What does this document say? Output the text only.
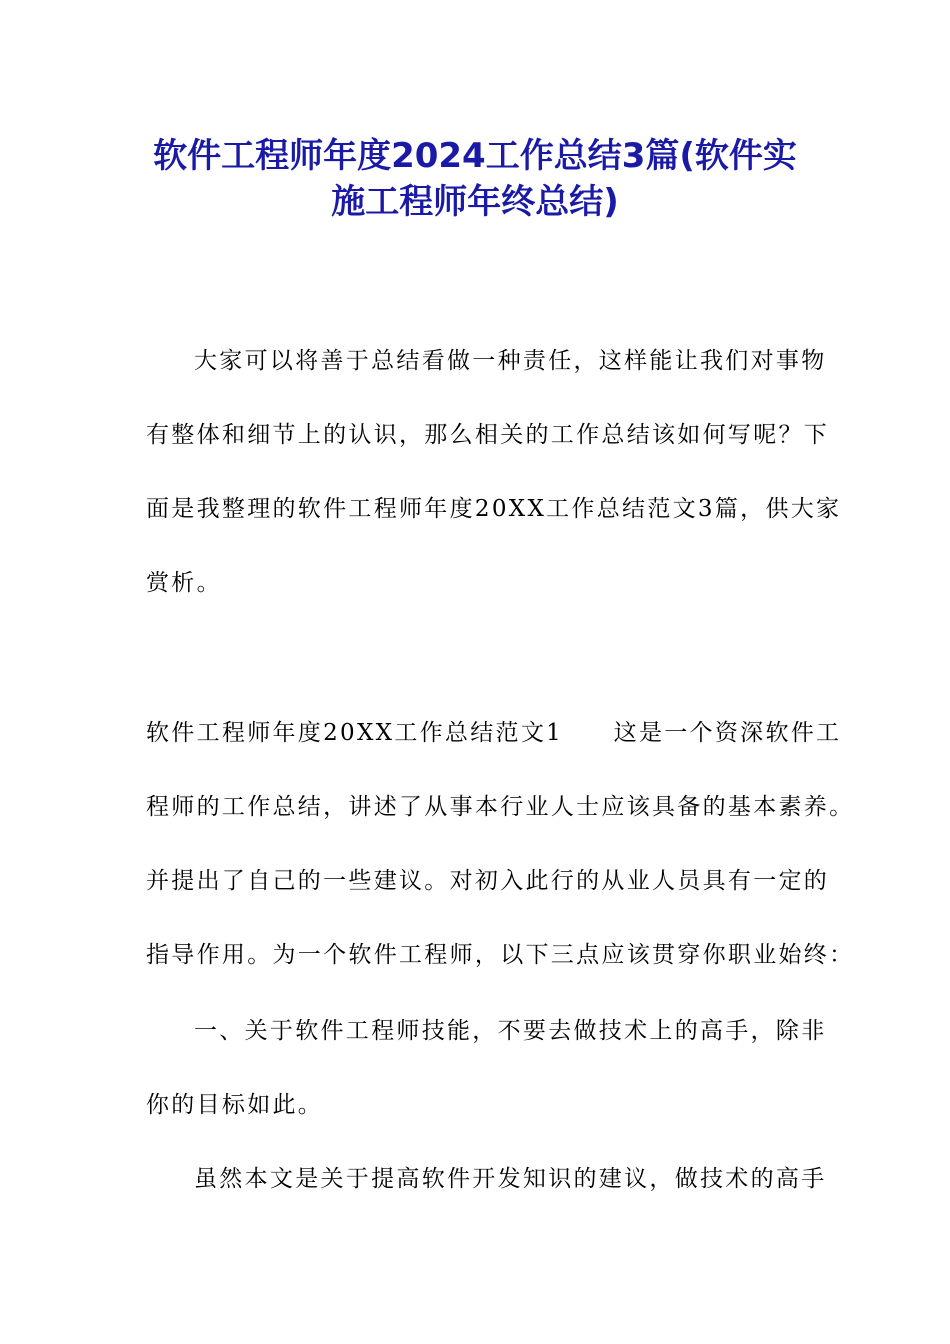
软件工程师年度2024工作总结3篇(软件实
施工程师年终总结)
大家可以将善于总结看做一种责任，这样能让我们对事物
有整体和细节上的认识，那么相关的工作总结该如何写呢？下
面是我整理的软件工程师年度20XX工作总结范文3篇，供大家
赏析。
软件工程师年度20XX工作总结范文1　　这是一个资深软件工
程师的工作总结，讲述了从事本行业人士应该具备的基本素养。
并提出了自己的一些建议。对初入此行的从业人员具有一定的
指导作用。为一个软件工程师，以下三点应该贯穿你职业始终：
一、关于软件工程师技能，不要去做技术上的高手，除非
你的目标如此。
虽然本文是关于提高软件开发知识的建议，做技术的高手
